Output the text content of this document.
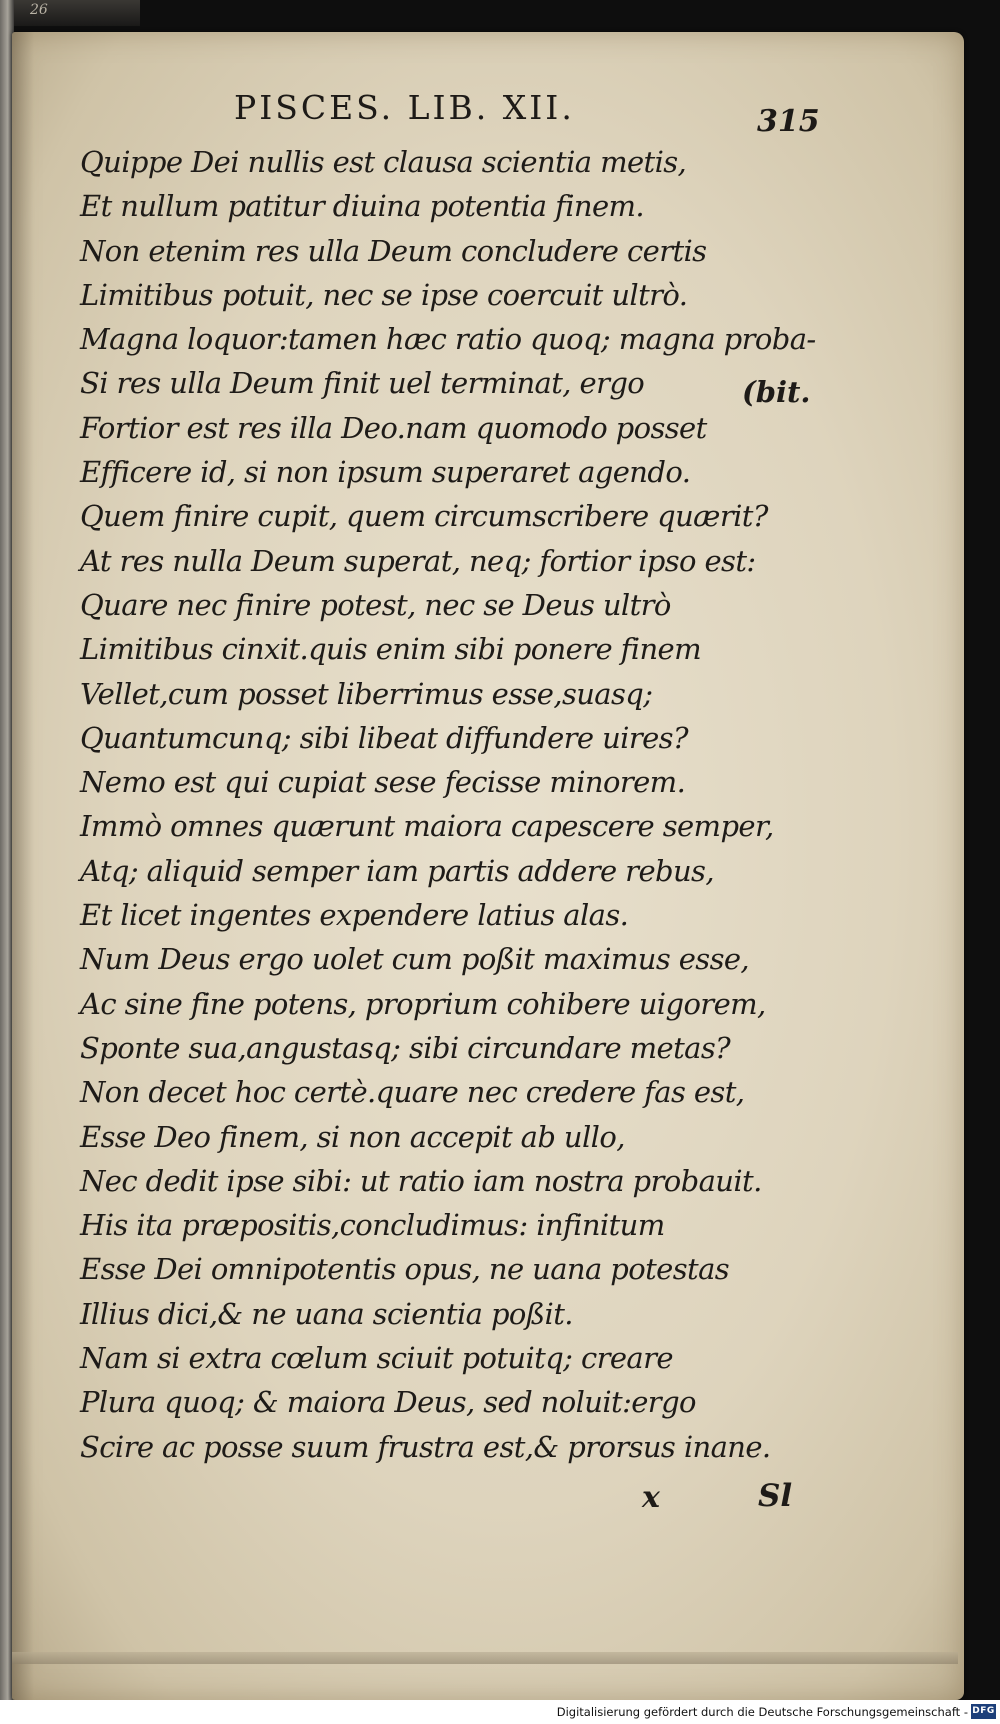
26
PISCES. LIB. XII.	315
Quippe Dei nullis est clausa scientia metis,
Et nullum patitur diuina potentia finem.
Non etenim res ulla Deum concludere certis
Limitibus potuit, nec se ipse coercuit ultrò.
Magna loquor:tamen hæc ratio quoq; magna proba-
Si res ulla Deum finit uel terminat, ergo
Fortior est res illa Deo.nam quomodo posset
Efficere id, si non ipsum superaret agendo.
Quem finire cupit, quem circumscribere quærit?
At res nulla Deum superat, neq; fortior ipso est:
Quare nec finire potest, nec se Deus ultrò
Limitibus cinxit.quis enim sibi ponere finem
Vellet,cum posset liberrimus esse,suasq;
Quantumcunq; sibi libeat diffundere uires?
Nemo est qui cupiat sese fecisse minorem.
Immò omnes quærunt maiora capescere semper,
Atq; aliquid semper iam partis addere rebus,
Et licet ingentes expendere latius alas.
Num Deus ergo uolet cum poßit maximus esse,
Ac sine fine potens, proprium cohibere uigorem,
Sponte sua,angustasq; sibi circundare metas?
Non decet hoc certè.quare nec credere fas est,
Esse Deo finem, si non accepit ab ullo,
Nec dedit ipse sibi: ut ratio iam nostra probauit.
His ita præpositis,concludimus: infinitum
Esse Dei omnipotentis opus, ne uana potestas
Illius dici,& ne uana scientia poßit.
Nam si extra cœlum sciuit potuitq; creare
Plura quoq; & maiora Deus, sed noluit:ergo
Scire ac posse suum frustra est,& prorsus inane.
(bit.
x	Sl
Digitalisierung gefördert durch die Deutsche Forschungsgemeinschaft - DFG
